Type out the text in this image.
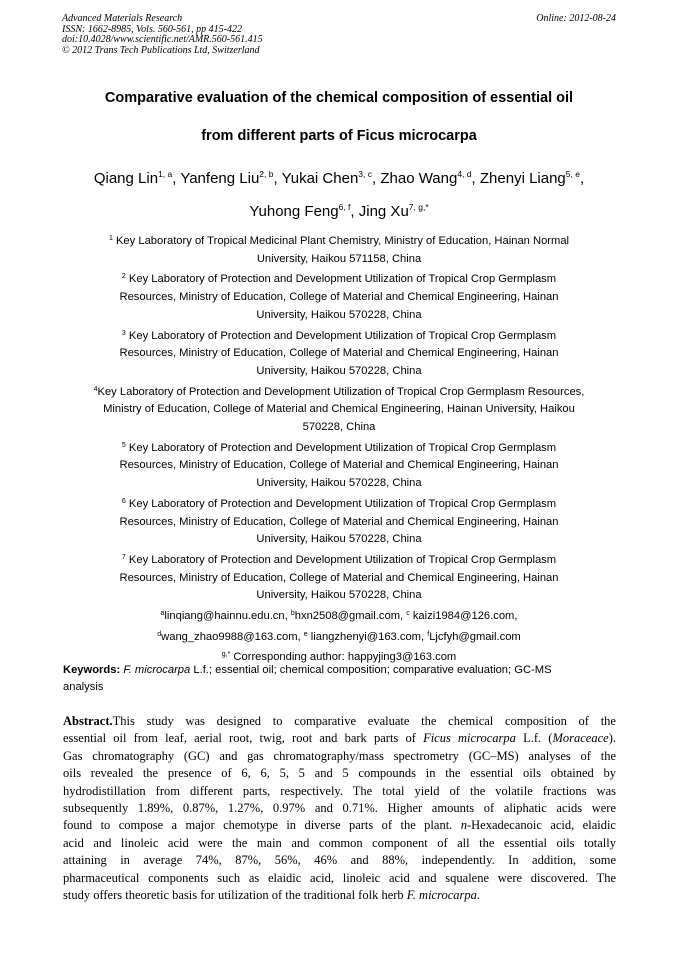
Advanced Materials Research
ISSN: 1662-8985, Vols. 560-561, pp 415-422
doi:10.4028/www.scientific.net/AMR.560-561.415
© 2012 Trans Tech Publications Ltd, Switzerland
Online: 2012-08-24
Comparative evaluation of the chemical composition of essential oil
from different parts of Ficus microcarpa
Qiang Lin$^{1, a}$, Yanfeng Liu$^{2, b}$, Yukai Chen$^{3, c}$, Zhao Wang$^{4, d}$, Zhenyi Liang$^{5, e}$,
Yuhong Feng$^{6, f}$, Jing $Xu^{7, g,*}$
$^1$ Key Laboratory of Tropical Medicinal Plant Chemistry, Ministry of Education, Hainan Normal
University, Haikou 571158, China
$^2$ Key Laboratory of Protection and Development Utilization of Tropical Crop Germplasm
Resources, Ministry of Education, College of Material and Chemical Engineering, Hainan
University, Haikou 570228, China
$^3$ Key Laboratory of Protection and Development Utilization of Tropical Crop Germplasm
Resources, Ministry of Education, College of Material and Chemical Engineering, Hainan
University, Haikou 570228, China
$^4$Key Laboratory of Protection and Development Utilization of Tropical Crop Germplasm Resources,
Ministry of Education, College of Material and Chemical Engineering, Hainan University, Haikou
570228, China
$^5$ Key Laboratory of Protection and Development Utilization of Tropical Crop Germplasm
Resources, Ministry of Education, College of Material and Chemical Engineering, Hainan
University, Haikou 570228, China
$^6$ Key Laboratory of Protection and Development Utilization of Tropical Crop Germplasm
Resources, Ministry of Education, College of Material and Chemical Engineering, Hainan
University, Haikou 570228, China
$^7$ Key Laboratory of Protection and Development Utilization of Tropical Crop Germplasm
Resources, Ministry of Education, College of Material and Chemical Engineering, Hainan
University, Haikou 570228, China
$^a$linqiang@hainnu.edu.cn, $^b$hxn2508@gmail.com, $^c$ kaizi1984@126.com,
$^d$wang_zhao9988@163.com, $^e$ liangzhenyi@163.com, $^f$Ljcfyh@gmail.com
$^{g,*}$ Corresponding author: happyjing3@163.com
Keywords: F. microcarpa L.f.; essential oil; chemical composition; comparative evaluation; GC-MS
analysis
Abstract.This study was designed to comparative evaluate the chemical composition of the
essential oil from leaf, aerial root, twig, root and bark parts of Ficus microcarpa L.f. (Moraceace).
Gas chromatography (GC) and gas chromatography/mass spectrometry (GC–MS) analyses of the
oils revealed the presence of 6, 6, 5, 5 and 5 compounds in the essential oils obtained by
hydrodistillation from different parts, respectively. The total yield of the volatile fractions was
subsequently 1.89%, 0.87%, 1.27%, 0.97% and 0.71%. Higher amounts of aliphatic acids were
found to compose a major chemotype in diverse parts of the plant. n-Hexadecanoic acid, elaidic
acid and linoleic acid were the main and common component of all the essential oils totally
attaining in average 74%, 87%, 56%, 46% and 88%, independently. In addition, some
pharmaceutical components such as elaidic acid, linoleic acid and squalene were discovered. The
study offers theoretic basis for utilization of the traditional folk herb F. microcarpa.
